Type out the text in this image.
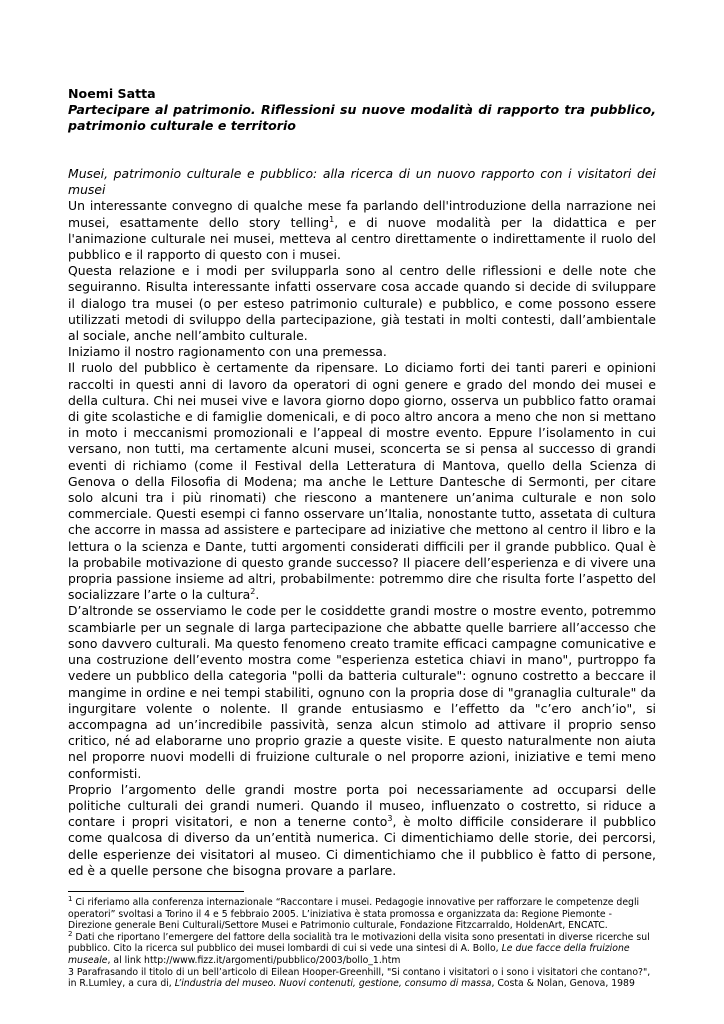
Noemi Satta

Partecipare al patrimonio. Riflessioni su nuove modalità di rapporto tra pubblico, patrimonio culturale e territorio

Musei, patrimonio culturale e pubblico: alla ricerca di un nuovo rapporto con i visitatori dei musei

Un interessante convegno di qualche mese fa parlando dell'introduzione della narrazione nei musei, esattamente dello story telling$^1$, e di nuove modalità per la didattica e per l'animazione culturale nei musei, metteva al centro direttamente o indirettamente il ruolo del pubblico e il rapporto di questo con i musei.

Questa relazione e i modi per svilupparla sono al centro delle riflessioni e delle note che seguiranno. Risulta interessante infatti osservare cosa accade quando si decide di sviluppare il dialogo tra musei (o per esteso patrimonio culturale) e pubblico, e come possono essere utilizzati metodi di sviluppo della partecipazione, già testati in molti contesti, dall’ambientale al sociale, anche nell’ambito culturale.

Iniziamo il nostro ragionamento con una premessa.

Il ruolo del pubblico è certamente da ripensare. Lo diciamo forti dei tanti pareri e opinioni raccolti in questi anni di lavoro da operatori di ogni genere e grado del mondo dei musei e della cultura. Chi nei musei vive e lavora giorno dopo giorno, osserva un pubblico fatto oramai di gite scolastiche e di famiglie domenicali, e di poco altro ancora a meno che non si mettano in moto i meccanismi promozionali e l’appeal di mostre evento. Eppure l’isolamento in cui versano, non tutti, ma certamente alcuni musei, sconcerta se si pensa al successo di grandi eventi di richiamo (come il Festival della Letteratura di Mantova, quello della Scienza di Genova o della Filosofia di Modena; ma anche le Letture Dantesche di Sermonti, per citare solo alcuni tra i più rinomati) che riescono a mantenere un’anima culturale e non solo commerciale. Questi esempi ci fanno osservare un’Italia, nonostante tutto, assetata di cultura che accorre in massa ad assistere e partecipare ad iniziative che mettono al centro il libro e la lettura o la scienza e Dante, tutti argomenti considerati difficili per il grande pubblico. Qual è la probabile motivazione di questo grande successo? Il piacere dell’esperienza e di vivere una propria passione insieme ad altri, probabilmente: potremmo dire che risulta forte l’aspetto del socializzare l’arte o la cultura$^2$.

D’altronde se osserviamo le code per le cosiddette grandi mostre o mostre evento, potremmo scambiarle per un segnale di larga partecipazione che abbatte quelle barriere all’accesso che sono davvero culturali. Ma questo fenomeno creato tramite efficaci campagne comunicative e una costruzione dell’evento mostra come "esperienza estetica chiavi in mano", purtroppo fa vedere un pubblico della categoria "polli da batteria culturale": ognuno costretto a beccare il mangime in ordine e nei tempi stabiliti, ognuno con la propria dose di "granaglia culturale" da ingurgitare volente o nolente. Il grande entusiasmo e l’effetto da "c’ero anch’io", si accompagna ad un’incredibile passività, senza alcun stimolo ad attivare il proprio senso critico, né ad elaborarne uno proprio grazie a queste visite. E questo naturalmente non aiuta nel proporre nuovi modelli di fruizione culturale o nel proporre azioni, iniziative e temi meno conformisti.

Proprio l’argomento delle grandi mostre porta poi necessariamente ad occuparsi delle politiche culturali dei grandi numeri. Quando il museo, influenzato o costretto, si riduce a contare i propri visitatori, e non a tenerne conto$^3$, è molto difficile considerare il pubblico come qualcosa di diverso da un’entità numerica. Ci dimentichiamo delle storie, dei percorsi, delle esperienze dei visitatori al museo. Ci dimentichiamo che il pubblico è fatto di persone, ed è a quelle persone che bisogna provare a parlare.

$^1$ Ci riferiamo alla conferenza internazionale “Raccontare i musei. Pedagogie innovative per rafforzare le competenze degli operatori” svoltasi a Torino il 4 e 5 febbraio 2005. L’iniziativa è stata promossa e organizzata da: Regione Piemonte - Direzione generale Beni Culturali/Settore Musei e Patrimonio culturale, Fondazione Fitzcarraldo, HoldenArt, ENCATC.

$^2$ Dati che riportano l’emergere del fattore della socialità tra le motivazioni della visita sono presentati in diverse ricerche sul pubblico. Cito la ricerca sul pubblico dei musei lombardi di cui si vede una sintesi di A. Bollo, Le due facce della fruizione museale, al link http://www.fizz.it/argomenti/pubblico/2003/bollo_1.htm

3 Parafrasando il titolo di un bell’articolo di Eilean Hooper-Greenhill, "Si contano i visitatori o i sono i visitatori che contano?", in R.Lumley, a cura di, L’industria del museo. Nuovi contenuti, gestione, consumo di massa, Costa & Nolan, Genova, 1989
